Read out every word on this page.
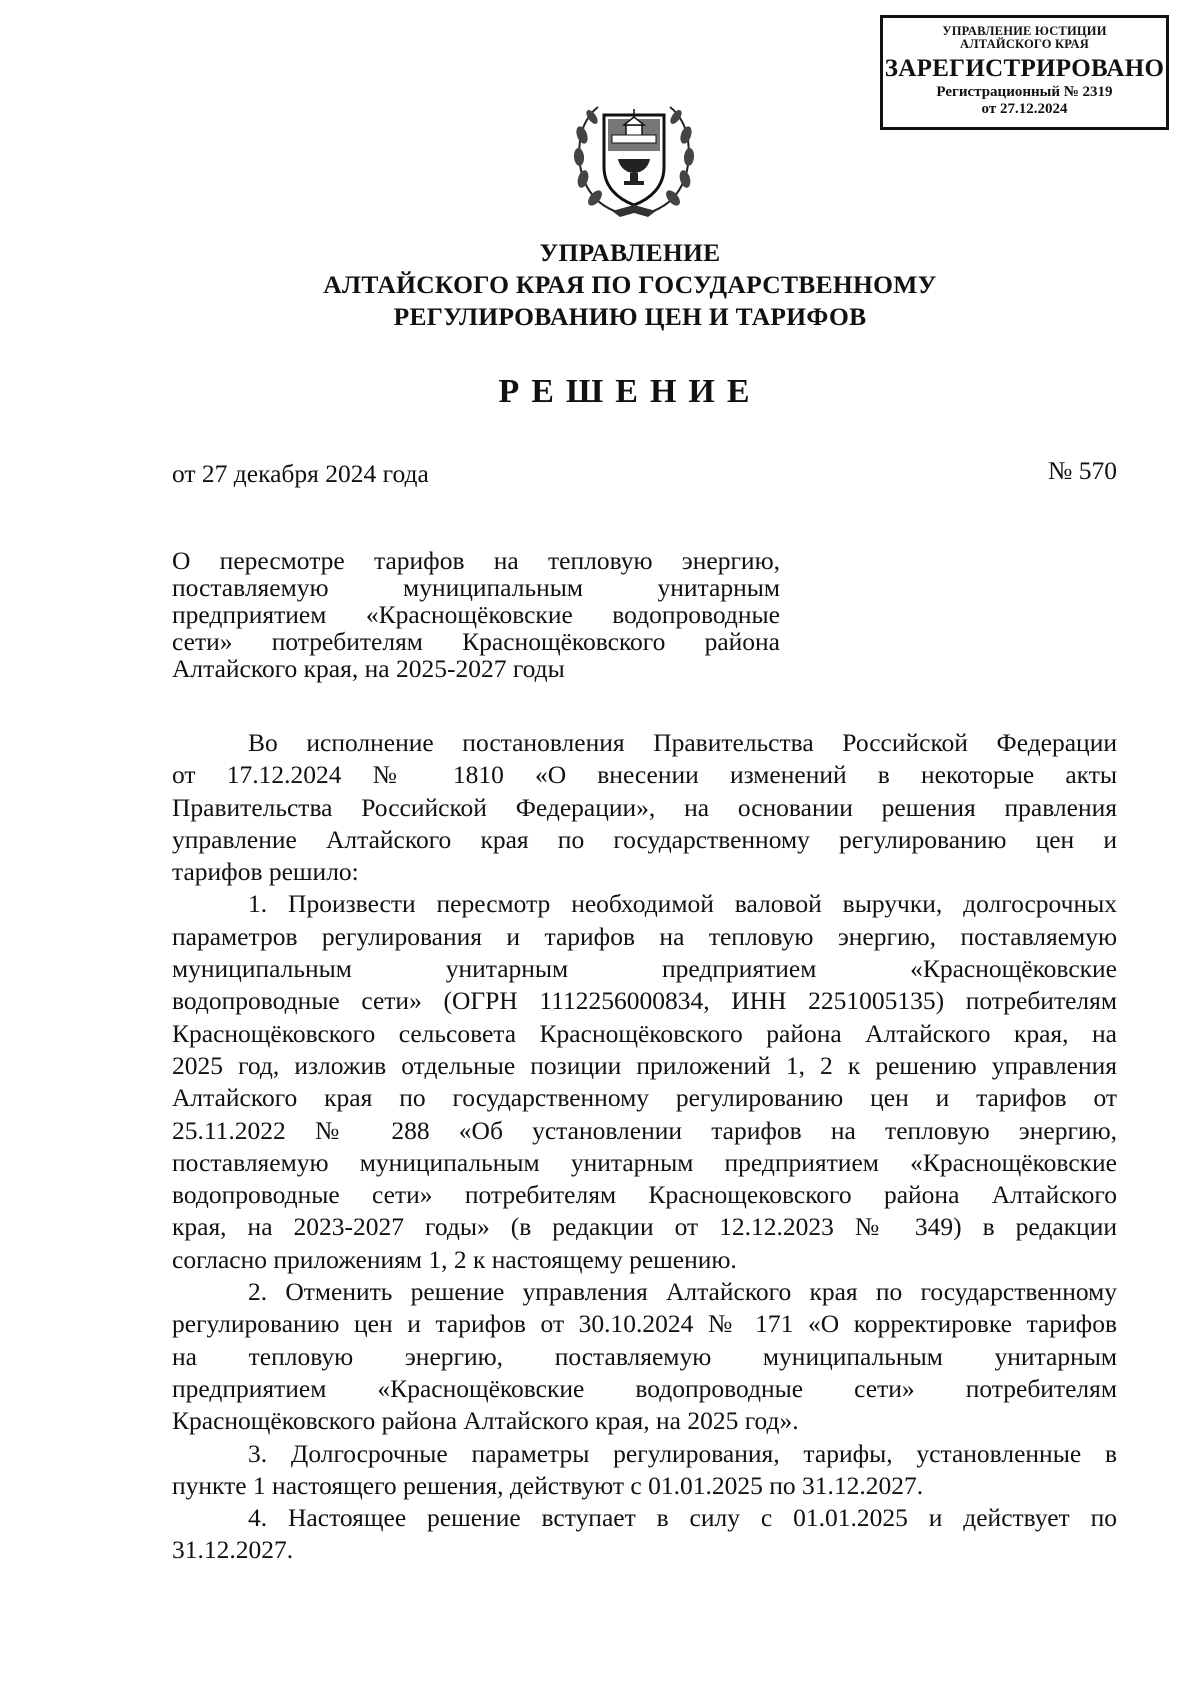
УПРАВЛЕНИЕ ЮСТИЦИИ
АЛТАЙСКОГО КРАЯ
ЗАРЕГИСТРИРОВАНО
Регистрационный № 2319
от 27.12.2024
УПРАВЛЕНИЕ
АЛТАЙСКОГО КРАЯ ПО ГОСУДАРСТВЕННОМУ
РЕГУЛИРОВАНИЮ ЦЕН И ТАРИФОВ
РЕШЕНИЕ
от 27 декабря 2024 года	№ 570
О пересмотре тарифов на тепловую энергию,
поставляемую муниципальным унитарным
предприятием «Краснощёковские водопроводные
сети» потребителям Краснощёковского района
Алтайского края, на 2025-2027 годы
Во исполнение постановления Правительства Российской Федерации
от 17.12.2024 № 1810 «О внесении изменений в некоторые акты
Правительства Российской Федерации», на основании решения правления
управление Алтайского края по государственному регулированию цен и
тарифов решило:
1. Произвести пересмотр необходимой валовой выручки, долгосрочных
параметров регулирования и тарифов на тепловую энергию, поставляемую
муниципальным унитарным предприятием «Краснощёковские
водопроводные сети» (ОГРН 1112256000834, ИНН 2251005135) потребителям
Краснощёковского сельсовета Краснощёковского района Алтайского края, на
2025 год, изложив отдельные позиции приложений 1, 2 к решению управления
Алтайского края по государственному регулированию цен и тарифов от
25.11.2022 № 288 «Об установлении тарифов на тепловую энергию,
поставляемую муниципальным унитарным предприятием «Краснощёковские
водопроводные сети» потребителям Краснощековского района Алтайского
края, на 2023-2027 годы» (в редакции от 12.12.2023 № 349) в редакции
согласно приложениям 1, 2 к настоящему решению.
2. Отменить решение управления Алтайского края по государственному
регулированию цен и тарифов от 30.10.2024 № 171 «О корректировке тарифов
на тепловую энергию, поставляемую муниципальным унитарным
предприятием «Краснощёковские водопроводные сети» потребителям
Краснощёковского района Алтайского края, на 2025 год».
3. Долгосрочные параметры регулирования, тарифы, установленные в
пункте 1 настоящего решения, действуют с 01.01.2025 по 31.12.2027.
4. Настоящее решение вступает в силу с 01.01.2025 и действует по
31.12.2027.
